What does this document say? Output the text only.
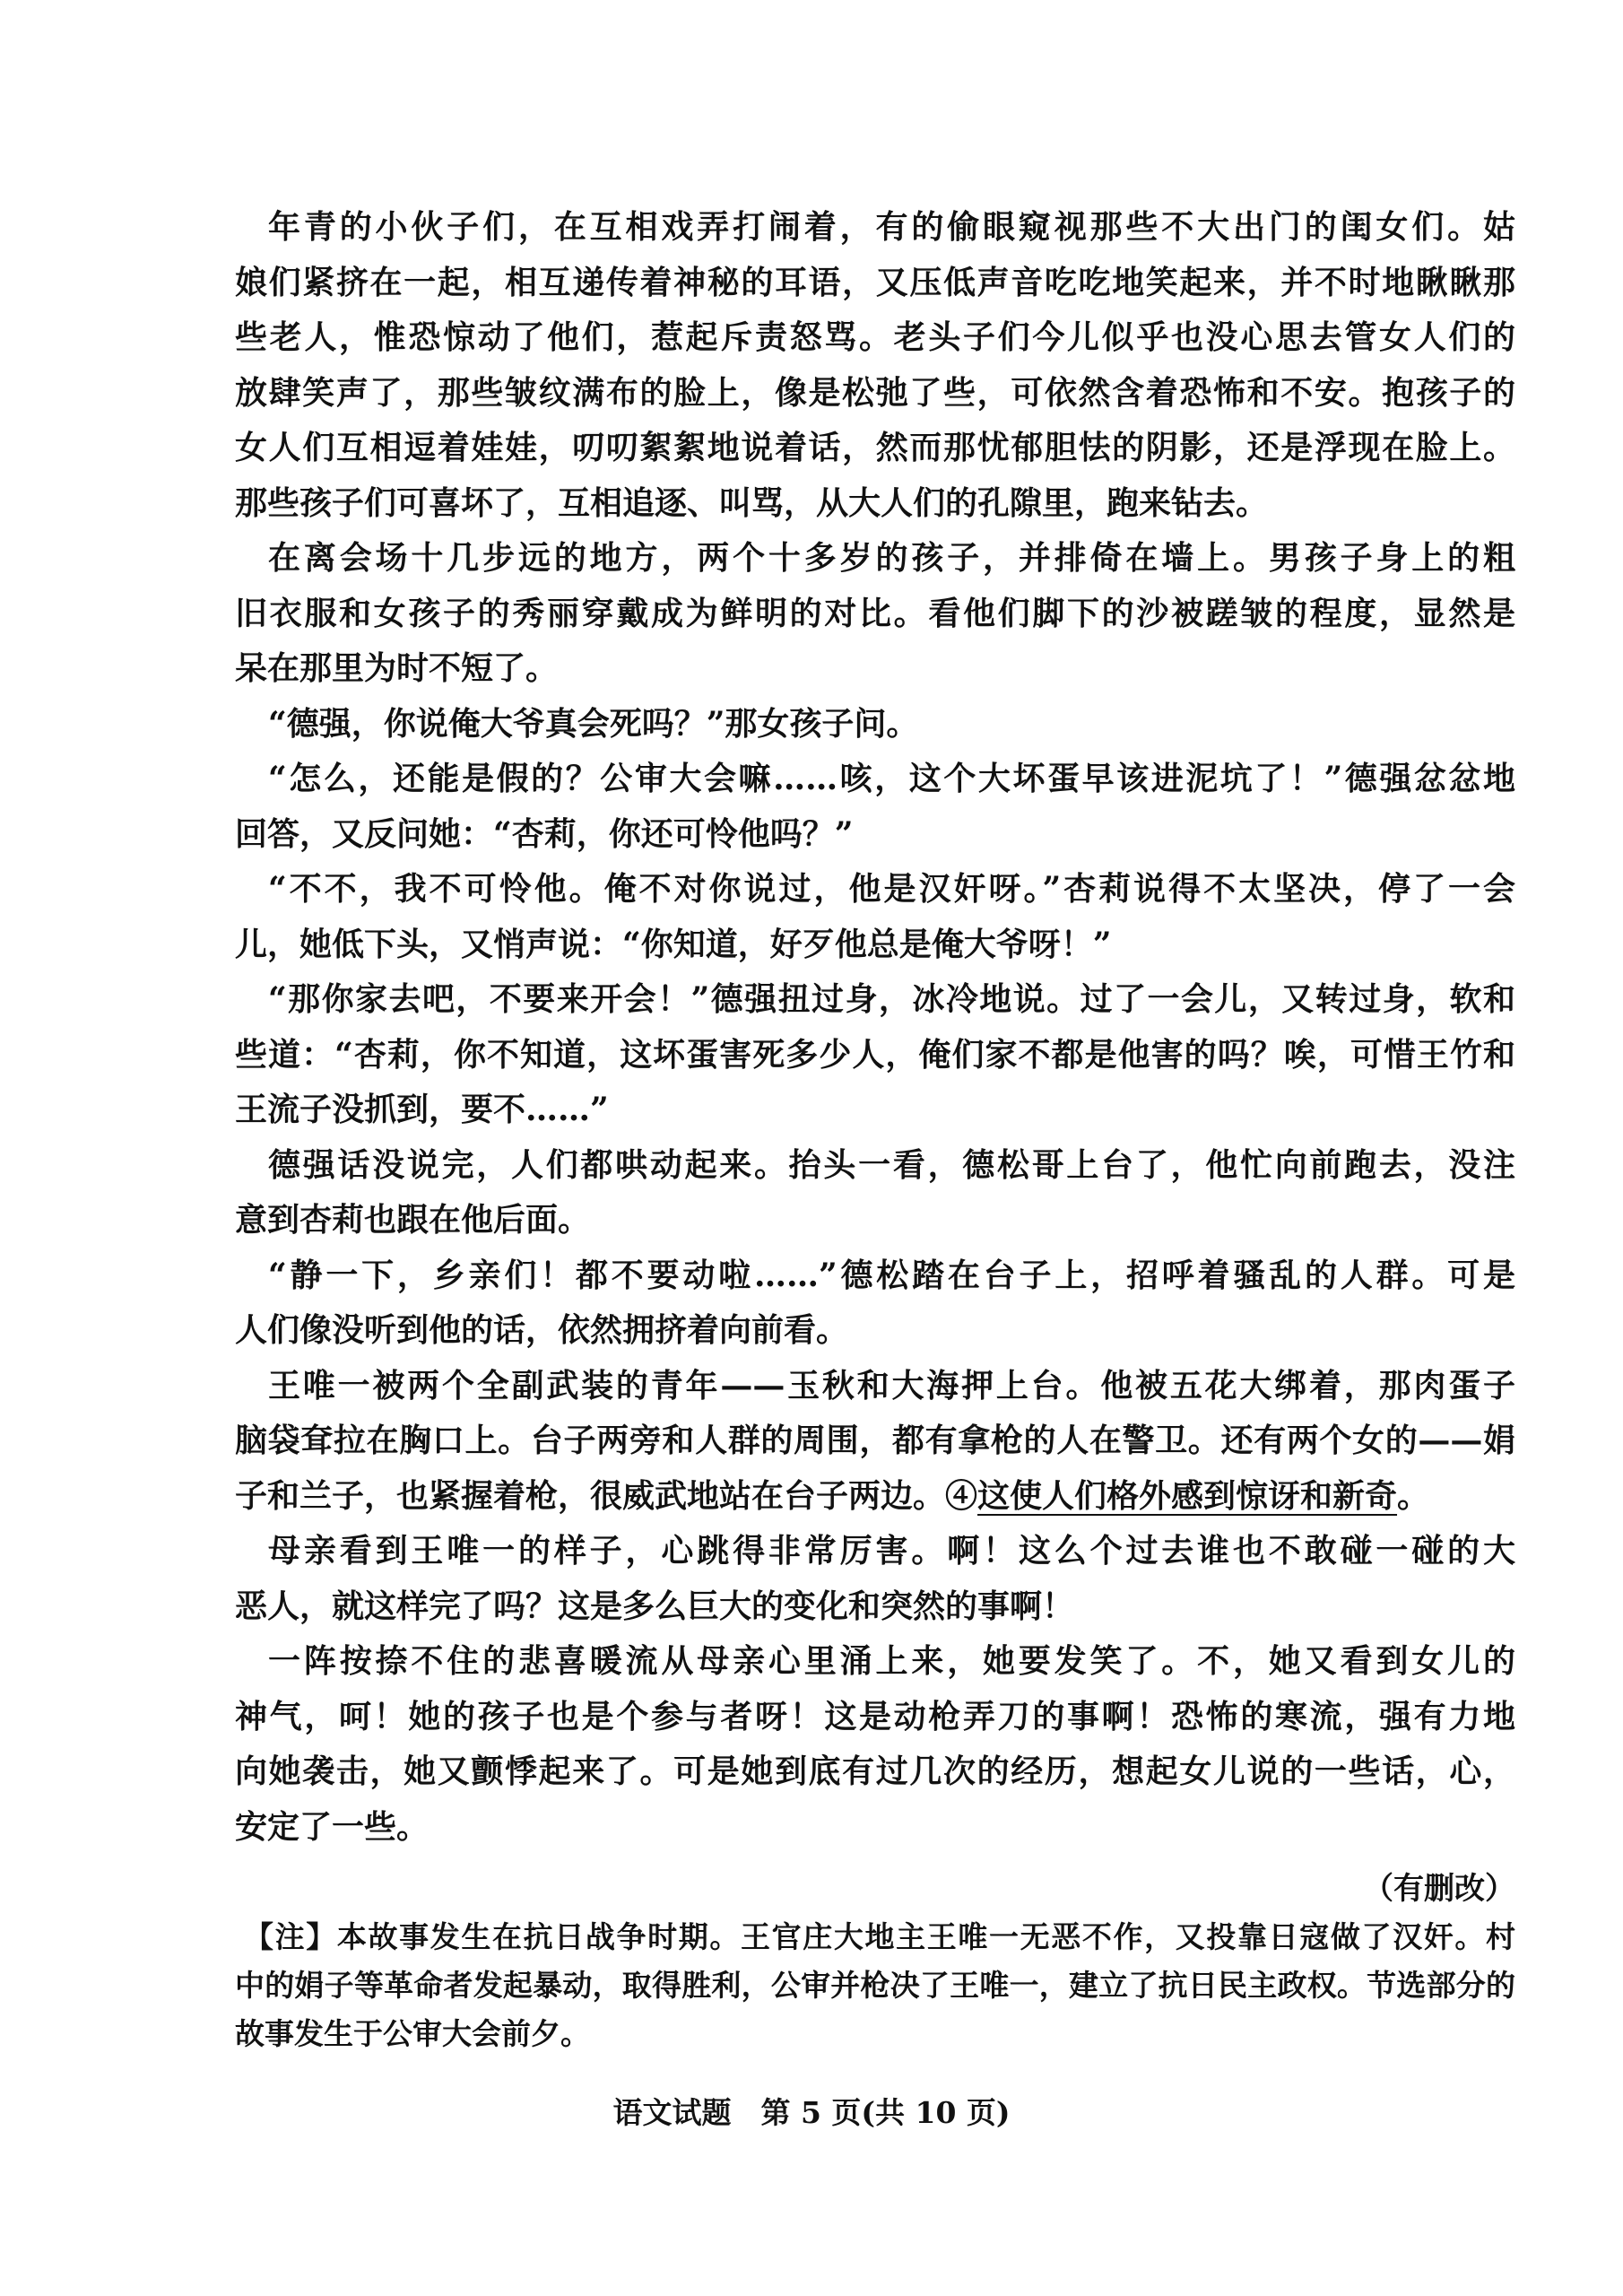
年青的小伙子们，在互相戏弄打闹着，有的偷眼窥视那些不大出门的闺女们。姑
娘们紧挤在一起，相互递传着神秘的耳语，又压低声音吃吃地笑起来，并不时地瞅瞅那
些老人，惟恐惊动了他们，惹起斥责怒骂。老头子们今儿似乎也没心思去管女人们的
放肆笑声了，那些皱纹满布的脸上，像是松弛了些，可依然含着恐怖和不安。抱孩子的
女人们互相逗着娃娃，叨叨絮絮地说着话，然而那忧郁胆怯的阴影，还是浮现在脸上。
那些孩子们可喜坏了，互相追逐、叫骂，从大人们的孔隙里，跑来钻去。
在离会场十几步远的地方，两个十多岁的孩子，并排倚在墙上。男孩子身上的粗
旧衣服和女孩子的秀丽穿戴成为鲜明的对比。看他们脚下的沙被蹉皱的程度，显然是
呆在那里为时不短了。
“德强，你说俺大爷真会死吗？”那女孩子问。
“怎么，还能是假的？公审大会嘛……咳，这个大坏蛋早该进泥坑了！”德强忿忿地
回答，又反问她：“杏莉，你还可怜他吗？”
“不不，我不可怜他。俺不对你说过，他是汉奸呀。”杏莉说得不太坚决，停了一会
儿，她低下头，又悄声说：“你知道，好歹他总是俺大爷呀！”
“那你家去吧，不要来开会！”德强扭过身，冰冷地说。过了一会儿，又转过身，软和
些道：“杏莉，你不知道，这坏蛋害死多少人，俺们家不都是他害的吗？唉，可惜王竹和
王流子没抓到，要不……”
德强话没说完，人们都哄动起来。抬头一看，德松哥上台了，他忙向前跑去，没注
意到杏莉也跟在他后面。
“静一下，乡亲们！都不要动啦……”德松踏在台子上，招呼着骚乱的人群。可是
人们像没听到他的话，依然拥挤着向前看。
王唯一被两个全副武装的青年——玉秋和大海押上台。他被五花大绑着，那肉蛋子
脑袋耷拉在胸口上。台子两旁和人群的周围，都有拿枪的人在警卫。还有两个女的——娟
子和兰子，也紧握着枪，很威武地站在台子两边。④这使人们格外感到惊讶和新奇。
母亲看到王唯一的样子，心跳得非常厉害。啊！这么个过去谁也不敢碰一碰的大
恶人，就这样完了吗？这是多么巨大的变化和突然的事啊！
一阵按捺不住的悲喜暖流从母亲心里涌上来，她要发笑了。不，她又看到女儿的
神气，呵！她的孩子也是个参与者呀！这是动枪弄刀的事啊！恐怖的寒流，强有力地
向她袭击，她又颤悸起来了。可是她到底有过几次的经历，想起女儿说的一些话，心，
安定了一些。
（有删改）
【注】本故事发生在抗日战争时期。王官庄大地主王唯一无恶不作，又投靠日寇做了汉奸。村
中的娟子等革命者发起暴动，取得胜利，公审并枪决了王唯一，建立了抗日民主政权。节选部分的
故事发生于公审大会前夕。
语文试题　第 5 页(共 10 页)
